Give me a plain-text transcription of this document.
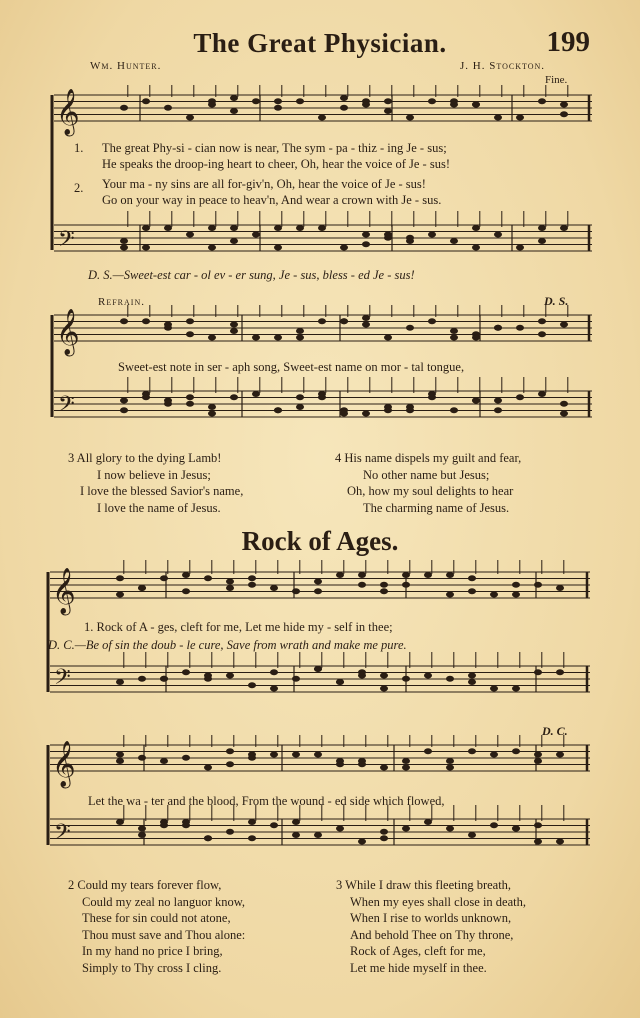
The Great Physician.	199
Wm. Hunter.	J. H. Stockton.
Fine.
𝄞
𝄢
1. The great Phy-si - cian now is near, The sym - pa - thiz - ing Je - sus;
He speaks the droop-ing heart to cheer, Oh, hear the voice of Je - sus!
2. Your ma - ny sins are all for-giv'n, Oh, hear the voice of Je - sus!
Go on your way in peace to heav'n, And wear a crown with Je - sus.
D. S.—Sweet-est car - ol ev - er sung, Je - sus, bless - ed Je - sus!
Refrain.	D. S.
𝄞
𝄢
Sweet-est note in ser - aph song, Sweet-est name on mor - tal tongue,
3 All glory to the dying Lamb!
I now believe in Jesus;
I love the blessed Savior's name,
I love the name of Jesus.
4 His name dispels my guilt and fear,
No other name but Jesus;
Oh, how my soul delights to hear
The charming name of Jesus.
Rock of Ages.
𝄞
𝄢
1. Rock of A - ges, cleft for me, Let me hide my - self in thee;
D. C.—Be of sin the doub - le cure, Save from wrath and make me pure.
D. C.
𝄞
𝄢
Let the wa - ter and the blood, From the wound - ed side which flowed,
2 Could my tears forever flow,
Could my zeal no languor know,
These for sin could not atone,
Thou must save and Thou alone:
In my hand no price I bring,
Simply to Thy cross I cling.
3 While I draw this fleeting breath,
When my eyes shall close in death,
When I rise to worlds unknown,
And behold Thee on Thy throne,
Rock of Ages, cleft for me,
Let me hide myself in thee.
